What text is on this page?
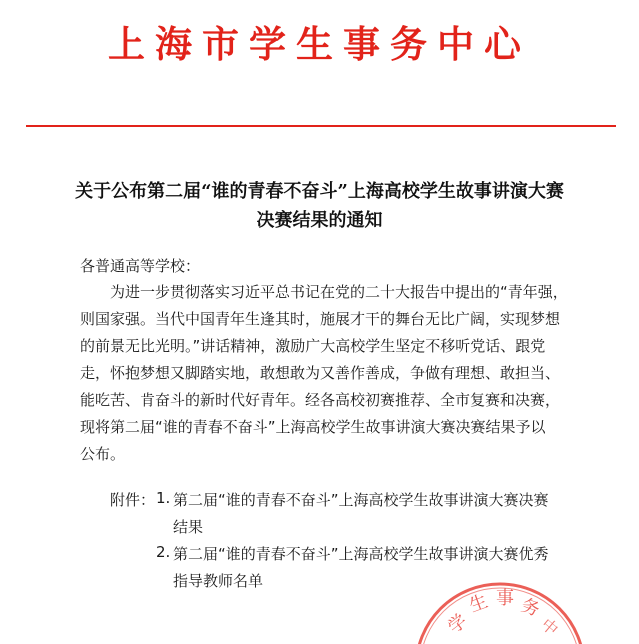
上海市学生事务中心
关于公布第二届“谁的青春不奋斗”上海高校学生故事讲演大赛
决赛结果的通知
各普通高等学校：
　　为进一步贯彻落实习近平总书记在党的二十大报告中提出的“青年强，
则国家强。当代中国青年生逢其时，施展才干的舞台无比广阔，实现梦想
的前景无比光明。”讲话精神，激励广大高校学生坚定不移听党话、跟党
走，怀抱梦想又脚踏实地，敢想敢为又善作善成，争做有理想、敢担当、
能吃苦、肯奋斗的新时代好青年。经各高校初赛推荐、全市复赛和决赛，
现将第二届“谁的青春不奋斗”上海高校学生故事讲演大赛决赛结果予以
公布。
附件： 1. 第二届“谁的青春不奋斗”上海高校学生故事讲演大赛决赛
结果
2. 第二届“谁的青春不奋斗”上海高校学生故事讲演大赛优秀
指导教师名单
学
生 事 务
中
